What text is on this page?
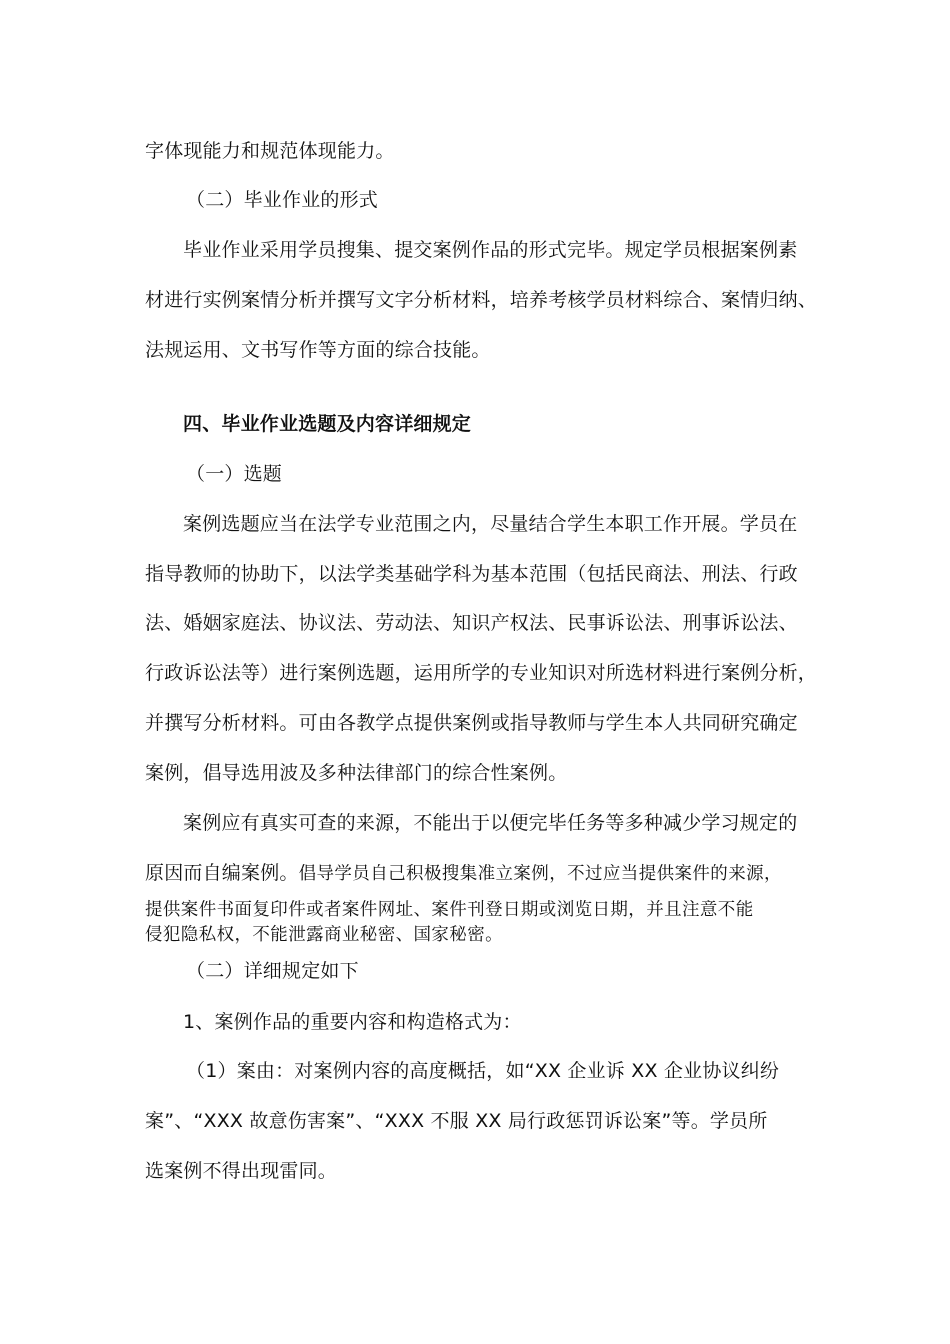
字体现能力和规范体现能力。
（二）毕业作业的形式
毕业作业采用学员搜集、提交案例作品的形式完毕。规定学员根据案例素
材进行实例案情分析并撰写文字分析材料，培养考核学员材料综合、案情归纳、
法规运用、文书写作等方面的综合技能。
四、毕业作业选题及内容详细规定
（一）选题
案例选题应当在法学专业范围之内，尽量结合学生本职工作开展。学员在
指导教师的协助下，以法学类基础学科为基本范围（包括民商法、刑法、行政
法、婚姻家庭法、协议法、劳动法、知识产权法、民事诉讼法、刑事诉讼法、
行政诉讼法等）进行案例选题，运用所学的专业知识对所选材料进行案例分析，
并撰写分析材料。可由各教学点提供案例或指导教师与学生本人共同研究确定
案例，倡导选用波及多种法律部门的综合性案例。
案例应有真实可查的来源，不能出于以便完毕任务等多种减少学习规定的
原因而自编案例。倡导学员自己积极搜集准立案例，不过应当提供案件的来源，
提供案件书面复印件或者案件网址、案件刊登日期或浏览日期，并且注意不能
侵犯隐私权，不能泄露商业秘密、国家秘密。
（二）详细规定如下
1、案例作品的重要内容和构造格式为：
（1）案由：对案例内容的高度概括，如“XX 企业诉 XX 企业协议纠纷
案”、“XXX 故意伤害案”、“XXX 不服 XX 局行政惩罚诉讼案”等。学员所
选案例不得出现雷同。
